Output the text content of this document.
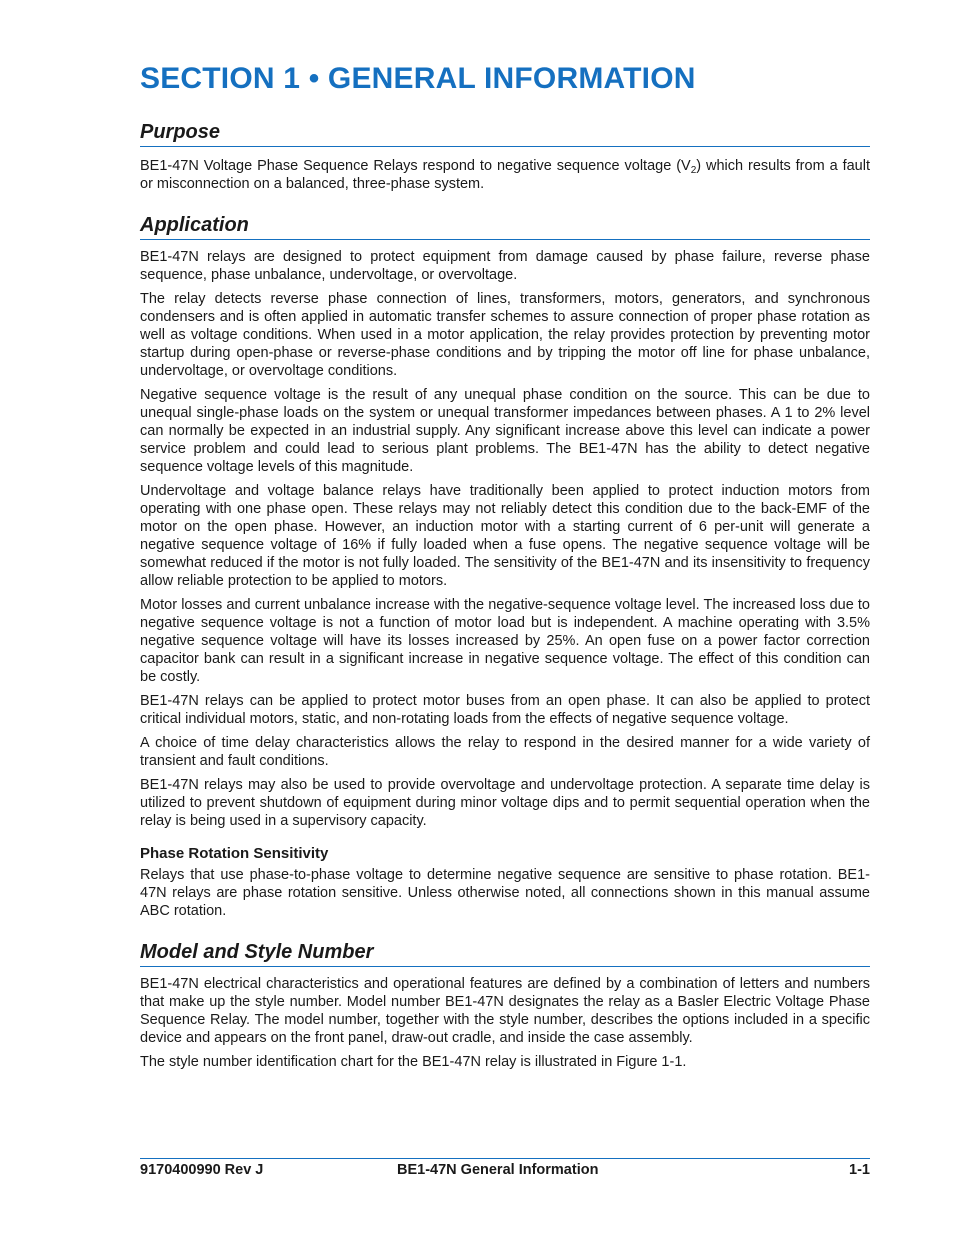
SECTION 1 • GENERAL INFORMATION
Purpose

BE1-47N Voltage Phase Sequence Relays respond to negative sequence voltage $(V_2)$ which results from a fault or misconnection on a balanced, three-phase system.

Application

BE1-47N relays are designed to protect equipment from damage caused by phase failure, reverse phase sequence, phase unbalance, undervoltage, or overvoltage.

The relay detects reverse phase connection of lines, transformers, motors, generators, and synchronous condensers and is often applied in automatic transfer schemes to assure connection of proper phase rotation as well as voltage conditions. When used in a motor application, the relay provides protection by preventing motor startup during open-phase or reverse-phase conditions and by tripping the motor off line for phase unbalance, undervoltage, or overvoltage conditions.

Negative sequence voltage is the result of any unequal phase condition on the source. This can be due to unequal single-phase loads on the system or unequal transformer impedances between phases. A 1 to 2% level can normally be expected in an industrial supply. Any significant increase above this level can indicate a power service problem and could lead to serious plant problems. The BE1-47N has the ability to detect negative sequence voltage levels of this magnitude.

Undervoltage and voltage balance relays have traditionally been applied to protect induction motors from operating with one phase open. These relays may not reliably detect this condition due to the back-EMF of the motor on the open phase. However, an induction motor with a starting current of 6 per-unit will generate a negative sequence voltage of 16% if fully loaded when a fuse opens. The negative sequence voltage will be somewhat reduced if the motor is not fully loaded. The sensitivity of the BE1-47N and its insensitivity to frequency allow reliable protection to be applied to motors.

Motor losses and current unbalance increase with the negative-sequence voltage level. The increased loss due to negative sequence voltage is not a function of motor load but is independent. A machine operating with 3.5% negative sequence voltage will have its losses increased by 25%. An open fuse on a power factor correction capacitor bank can result in a significant increase in negative sequence voltage. The effect of this condition can be costly.

BE1-47N relays can be applied to protect motor buses from an open phase. It can also be applied to protect critical individual motors, static, and non-rotating loads from the effects of negative sequence voltage.

A choice of time delay characteristics allows the relay to respond in the desired manner for a wide variety of transient and fault conditions.

BE1-47N relays may also be used to provide overvoltage and undervoltage protection. A separate time delay is utilized to prevent shutdown of equipment during minor voltage dips and to permit sequential operation when the relay is being used in a supervisory capacity.

Phase Rotation Sensitivity

Relays that use phase-to-phase voltage to determine negative sequence are sensitive to phase rotation. BE1-47N relays are phase rotation sensitive. Unless otherwise noted, all connections shown in this manual assume ABC rotation.

Model and Style Number

BE1-47N electrical characteristics and operational features are defined by a combination of letters and numbers that make up the style number. Model number BE1-47N designates the relay as a Basler Electric Voltage Phase Sequence Relay. The model number, together with the style number, describes the options included in a specific device and appears on the front panel, draw-out cradle, and inside the case assembly.

The style number identification chart for the BE1-47N relay is illustrated in Figure 1-1.

9170400990 Rev J	BE1-47N General Information	1-1
